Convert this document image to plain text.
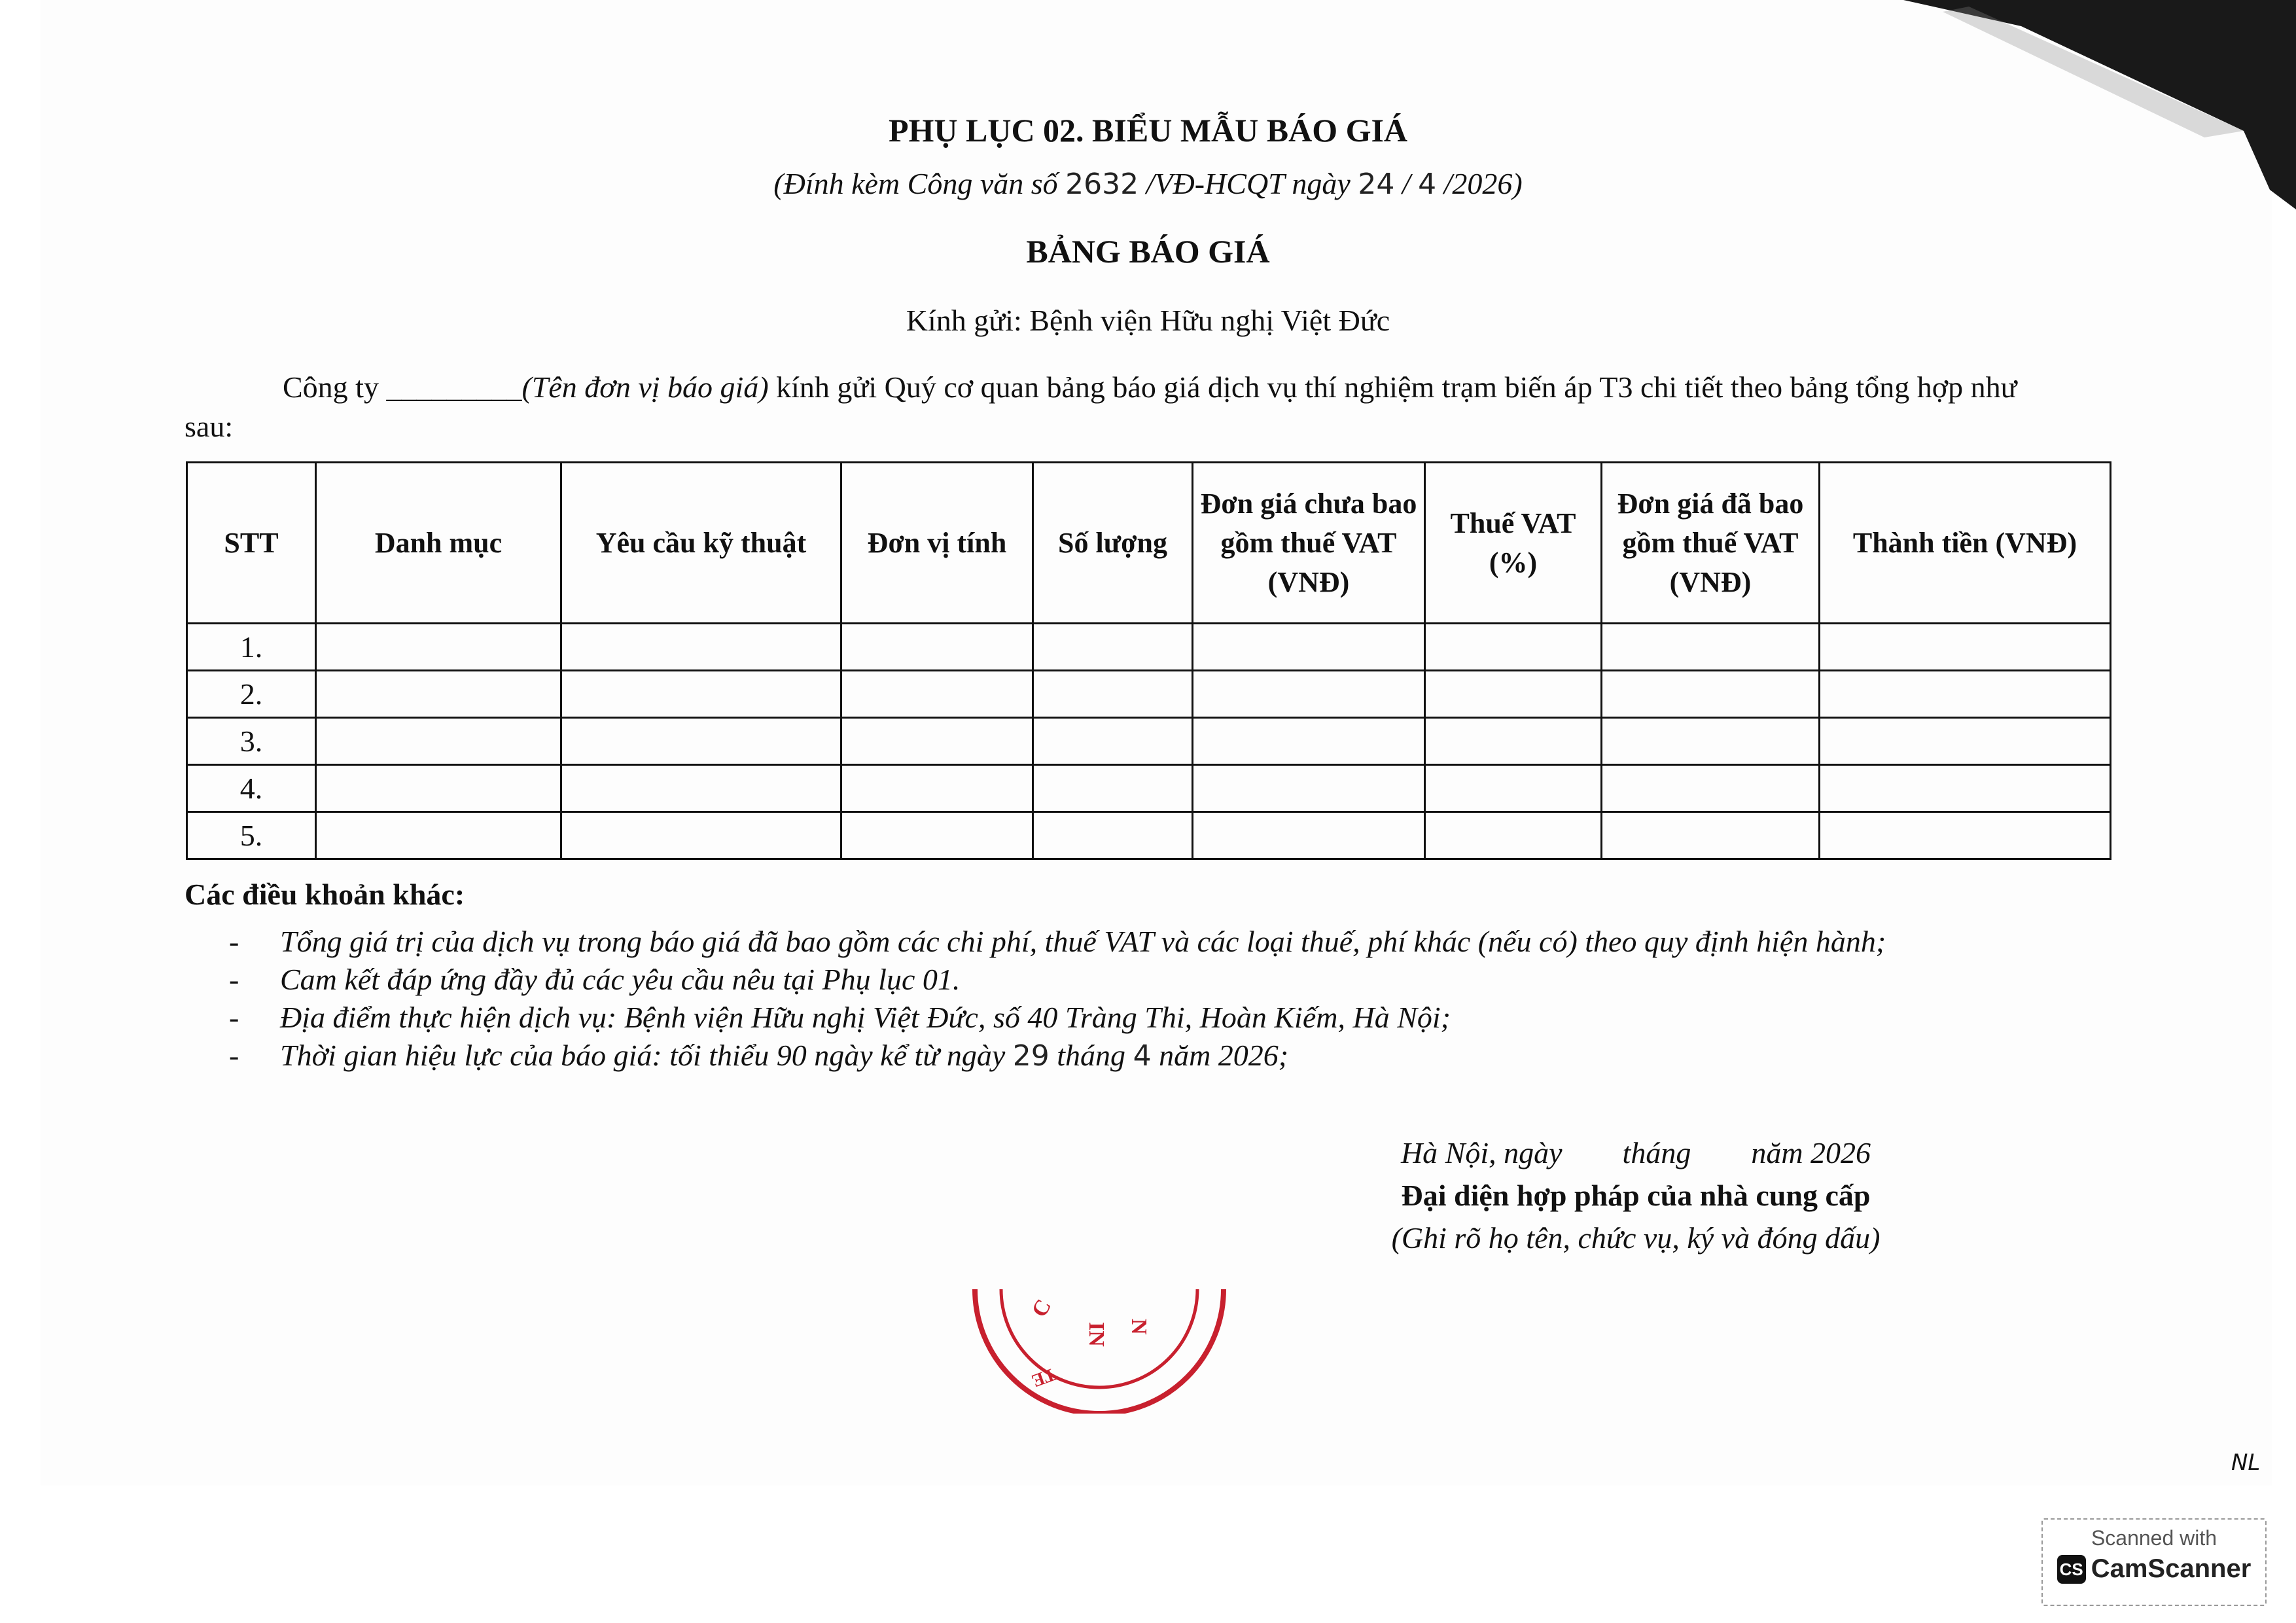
PHỤ LỤC 02. BIỂU MẪU BÁO GIÁ
(Đính kèm Công văn số 2632 /VĐ-HCQT ngày 24 / 4 /2026)
BẢNG BÁO GIÁ
Kính gửi: Bệnh viện Hữu nghị Việt Đức
Công ty _________(Tên đơn vị báo giá) kính gửi Quý cơ quan bảng báo giá dịch vụ thí nghiệm trạm biến áp T3 chi tiết theo bảng tổng hợp như sau:
STT	Danh mục	Yêu cầu kỹ thuật	Đơn vị tính	Số lượng	Đơn giá chưa bao gồm thuế VAT (VNĐ)	Thuế VAT (%)	Đơn giá đã bao gồm thuế VAT (VNĐ)	Thành tiền (VNĐ)
1.								
2.								
3.								
4.								
5.								
Các điều khoản khác:
- Tổng giá trị của dịch vụ trong báo giá đã bao gồm các chi phí, thuế VAT và các loại thuế, phí khác (nếu có) theo quy định hiện hành;
- Cam kết đáp ứng đầy đủ các yêu cầu nêu tại Phụ lục 01.
- Địa điểm thực hiện dịch vụ: Bệnh viện Hữu nghị Việt Đức, số 40 Tràng Thi, Hoàn Kiếm, Hà Nội;
- Thời gian hiệu lực của báo giá: tối thiểu 90 ngày kể từ ngày 29 tháng 4 năm 2026;
Hà Nội, ngày        tháng        năm 2026
Đại diện hợp pháp của nhà cung cấp
(Ghi rõ họ tên, chức vụ, ký và đóng dấu)
C
IN N
TE
NL
Scanned with
CS CamScanner
